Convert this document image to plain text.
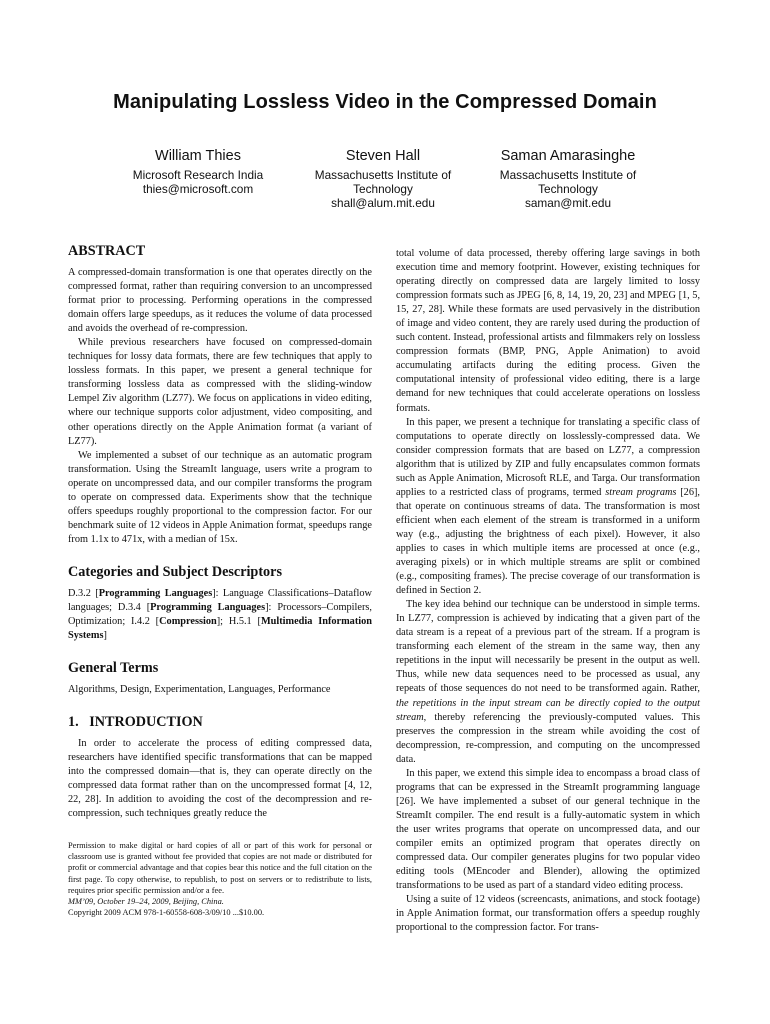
Manipulating Lossless Video in the Compressed Domain
William Thies
Microsoft Research India
thies@microsoft.com
Steven Hall
Massachusetts Institute of
Technology
shall@alum.mit.edu
Saman Amarasinghe
Massachusetts Institute of
Technology
saman@mit.edu
ABSTRACT

A compressed-domain transformation is one that operates directly on the compressed format, rather than requiring conversion to an uncompressed format prior to processing. Performing operations in the compressed domain offers large speedups, as it reduces the volume of data processed and avoids the overhead of re-compression.

While previous researchers have focused on compressed-domain techniques for lossy data formats, there are few techniques that apply to lossless formats. In this paper, we present a general technique for transforming lossless data as compressed with the sliding-window Lempel Ziv algorithm (LZ77). We focus on applications in video editing, where our technique supports color adjustment, video compositing, and other operations directly on the Apple Animation format (a variant of LZ77).

We implemented a subset of our technique as an automatic program transformation. Using the StreamIt language, users write a program to operate on uncompressed data, and our compiler transforms the program to operate on compressed data. Experiments show that the technique offers speedups roughly proportional to the compression factor. For our benchmark suite of 12 videos in Apple Animation format, speedups range from 1.1x to 471x, with a median of 15x.

Categories and Subject Descriptors

D.3.2 [Programming Languages]: Language Classifications–Dataflow languages; D.3.4 [Programming Languages]: Processors–Compilers, Optimization; I.4.2 [Compression]; H.5.1 [Multimedia Information Systems]

General Terms

Algorithms, Design, Experimentation, Languages, Performance

1.   INTRODUCTION

In order to accelerate the process of editing compressed data, researchers have identified specific transformations that can be mapped into the compressed domain—that is, they can operate directly on the compressed data format rather than on the uncompressed format [4, 12, 22, 28]. In addition to avoiding the cost of the decompression and re-compression, such techniques greatly reduce the

Permission to make digital or hard copies of all or part of this work for personal or classroom use is granted without fee provided that copies are not made or distributed for profit or commercial advantage and that copies bear this notice and the full citation on the first page. To copy otherwise, to republish, to post on servers or to redistribute to lists, requires prior specific permission and/or a fee.
MM’09, October 19–24, 2009, Beijing, China.
Copyright 2009 ACM 978-1-60558-608-3/09/10 ...$10.00.

total volume of data processed, thereby offering large savings in both execution time and memory footprint. However, existing techniques for operating directly on compressed data are largely limited to lossy compression formats such as JPEG [6, 8, 14, 19, 20, 23] and MPEG [1, 5, 15, 27, 28]. While these formats are used pervasively in the distribution of image and video content, they are rarely used during the production of such content. Instead, professional artists and filmmakers rely on lossless compression formats (BMP, PNG, Apple Animation) to avoid accumulating artifacts during the editing process. Given the computational intensity of professional video editing, there is a large demand for new techniques that could accelerate operations on lossless formats.

In this paper, we present a technique for translating a specific class of computations to operate directly on losslessly-compressed data. We consider compression formats that are based on LZ77, a compression algorithm that is utilized by ZIP and fully encapsulates common formats such as Apple Animation, Microsoft RLE, and Targa. Our transformation applies to a restricted class of programs, termed stream programs [26], that operate on continuous streams of data. The transformation is most efficient when each element of the stream is transformed in a uniform way (e.g., adjusting the brightness of each pixel). However, it also applies to cases in which multiple items are processed at once (e.g., averaging pixels) or in which multiple streams are split or combined (e.g., compositing frames). The precise coverage of our transformation is defined in Section 2.

The key idea behind our technique can be understood in simple terms. In LZ77, compression is achieved by indicating that a given part of the data stream is a repeat of a previous part of the stream. If a program is transforming each element of the stream in the same way, then any repetitions in the input will necessarily be present in the output as well. Thus, while new data sequences need to be processed as usual, any repeats of those sequences do not need to be transformed again. Rather, the repetitions in the input stream can be directly copied to the output stream, thereby referencing the previously-computed values. This preserves the compression in the stream while avoiding the cost of decompression, re-compression, and computing on the uncompressed data.

In this paper, we extend this simple idea to encompass a broad class of programs that can be expressed in the StreamIt programming language [26]. We have implemented a subset of our general technique in the StreamIt compiler. The end result is a fully-automatic system in which the user writes programs that operate on uncompressed data, and our compiler emits an optimized program that operates directly on compressed data. Our compiler generates plugins for two popular video editing tools (MEncoder and Blender), allowing the optimized transformations to be used as part of a standard video editing process.

Using a suite of 12 videos (screencasts, animations, and stock footage) in Apple Animation format, our transformation offers a speedup roughly proportional to the compression factor. For trans-
